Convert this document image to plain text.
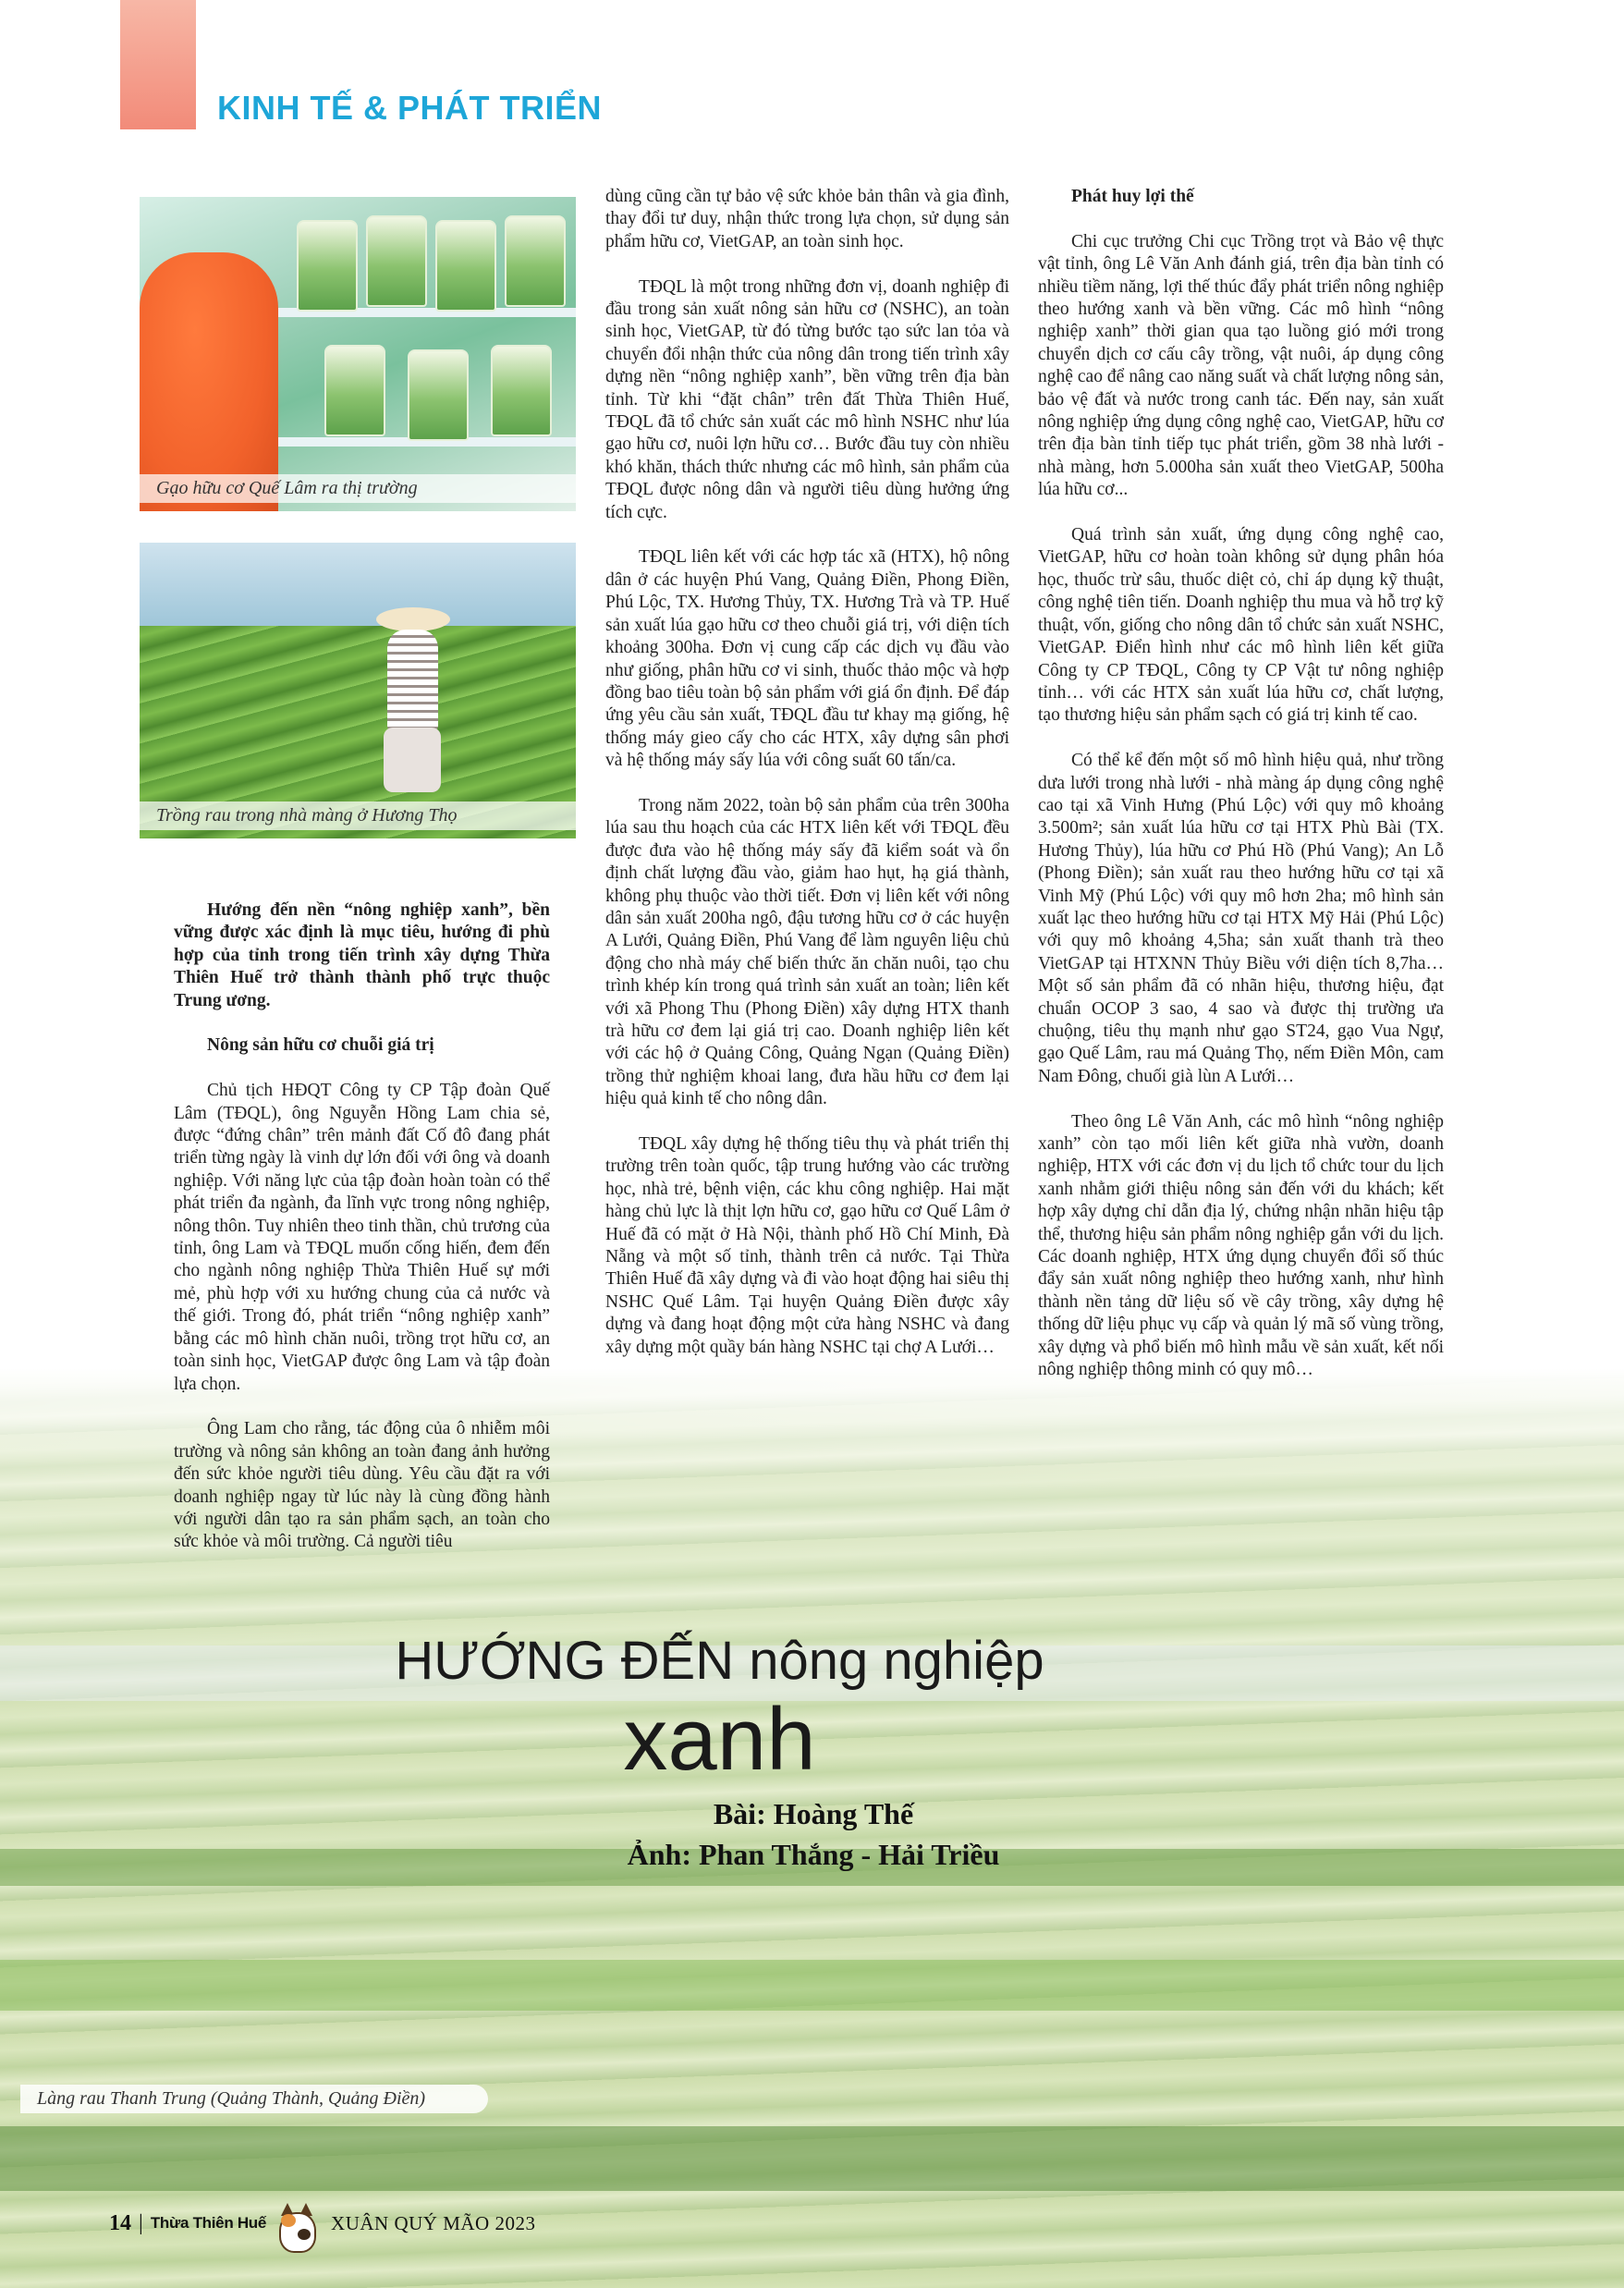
KINH TẾ & PHÁT TRIỂN
Gạo hữu cơ Quế Lâm ra thị trường
Trồng rau trong nhà màng ở Hương Thọ

Hướng đến nền “nông nghiệp xanh”, bền vững được xác định là mục tiêu, hướng đi phù hợp của tỉnh trong tiến trình xây dựng Thừa Thiên Huế trở thành thành phố trực thuộc Trung ương.

Nông sản hữu cơ chuỗi giá trị

Chủ tịch HĐQT Công ty CP Tập đoàn Quế Lâm (TĐQL), ông Nguyễn Hồng Lam chia sẻ, được “đứng chân” trên mảnh đất Cố đô đang phát triển từng ngày là vinh dự lớn đối với ông và doanh nghiệp. Với năng lực của tập đoàn hoàn toàn có thể phát triển đa ngành, đa lĩnh vực trong nông nghiệp, nông thôn. Tuy nhiên theo tinh thần, chủ trương của tỉnh, ông Lam và TĐQL muốn cống hiến, đem đến cho ngành nông nghiệp Thừa Thiên Huế sự mới mẻ, phù hợp với xu hướng chung của cả nước và thế giới. Trong đó, phát triển “nông nghiệp xanh” bằng các mô hình chăn nuôi, trồng trọt hữu cơ, an toàn sinh học, VietGAP được ông Lam và tập đoàn lựa chọn.

Ông Lam cho rằng, tác động của ô nhiễm môi trường và nông sản không an toàn đang ảnh hưởng đến sức khỏe người tiêu dùng. Yêu cầu đặt ra với doanh nghiệp ngay từ lúc này là cùng đồng hành với người dân tạo ra sản phẩm sạch, an toàn cho sức khỏe và môi trường. Cả người tiêu

dùng cũng cần tự bảo vệ sức khỏe bản thân và gia đình, thay đổi tư duy, nhận thức trong lựa chọn, sử dụng sản phẩm hữu cơ, VietGAP, an toàn sinh học.

TĐQL là một trong những đơn vị, doanh nghiệp đi đầu trong sản xuất nông sản hữu cơ (NSHC), an toàn sinh học, VietGAP, từ đó từng bước tạo sức lan tỏa và chuyển đổi nhận thức của nông dân trong tiến trình xây dựng nền “nông nghiệp xanh”, bền vững trên địa bàn tỉnh. Từ khi “đặt chân” trên đất Thừa Thiên Huế, TĐQL đã tổ chức sản xuất các mô hình NSHC như lúa gạo hữu cơ, nuôi lợn hữu cơ… Bước đầu tuy còn nhiều khó khăn, thách thức nhưng các mô hình, sản phẩm của TĐQL được nông dân và người tiêu dùng hưởng ứng tích cực.

TĐQL liên kết với các hợp tác xã (HTX), hộ nông dân ở các huyện Phú Vang, Quảng Điền, Phong Điền, Phú Lộc, TX. Hương Thủy, TX. Hương Trà và TP. Huế sản xuất lúa gạo hữu cơ theo chuỗi giá trị, với diện tích khoảng 300ha. Đơn vị cung cấp các dịch vụ đầu vào như giống, phân hữu cơ vi sinh, thuốc thảo mộc và hợp đồng bao tiêu toàn bộ sản phẩm với giá ổn định. Để đáp ứng yêu cầu sản xuất, TĐQL đầu tư khay mạ giống, hệ thống máy gieo cấy cho các HTX, xây dựng sân phơi và hệ thống máy sấy lúa với công suất 60 tấn/ca.

Trong năm 2022, toàn bộ sản phẩm của trên 300ha lúa sau thu hoạch của các HTX liên kết với TĐQL đều được đưa vào hệ thống máy sấy đã kiểm soát và ổn định chất lượng đầu vào, giảm hao hụt, hạ giá thành, không phụ thuộc vào thời tiết. Đơn vị liên kết với nông dân sản xuất 200ha ngô, đậu tương hữu cơ ở các huyện A Lưới, Quảng Điền, Phú Vang để làm nguyên liệu chủ động cho nhà máy chế biến thức ăn chăn nuôi, tạo chu trình khép kín trong quá trình sản xuất an toàn; liên kết với xã Phong Thu (Phong Điền) xây dựng HTX thanh trà hữu cơ đem lại giá trị cao. Doanh nghiệp liên kết với các hộ ở Quảng Công, Quảng Ngạn (Quảng Điền) trồng thử nghiệm khoai lang, đưa hầu hữu cơ đem lại hiệu quả kinh tế cho nông dân.

TĐQL xây dựng hệ thống tiêu thụ và phát triển thị trường trên toàn quốc, tập trung hướng vào các trường học, nhà trẻ, bệnh viện, các khu công nghiệp. Hai mặt hàng chủ lực là thịt lợn hữu cơ, gạo hữu cơ Quế Lâm ở Huế đã có mặt ở Hà Nội, thành phố Hồ Chí Minh, Đà Nẵng và một số tỉnh, thành trên cả nước. Tại Thừa Thiên Huế đã xây dựng và đi vào hoạt động hai siêu thị NSHC Quế Lâm. Tại huyện Quảng Điền được xây dựng và đang hoạt động một cửa hàng NSHC và đang xây dựng một quầy bán hàng NSHC tại chợ A Lưới…

Phát huy lợi thế

Chi cục trưởng Chi cục Trồng trọt và Bảo vệ thực vật tỉnh, ông Lê Văn Anh đánh giá, trên địa bàn tỉnh có nhiều tiềm năng, lợi thế thúc đẩy phát triển nông nghiệp theo hướng xanh và bền vững. Các mô hình “nông nghiệp xanh” thời gian qua tạo luồng gió mới trong chuyển dịch cơ cấu cây trồng, vật nuôi, áp dụng công nghệ cao để nâng cao năng suất và chất lượng nông sản, bảo vệ đất và nước trong canh tác. Đến nay, sản xuất nông nghiệp ứng dụng công nghệ cao, VietGAP, hữu cơ trên địa bàn tỉnh tiếp tục phát triển, gồm 38 nhà lưới - nhà màng, hơn 5.000ha sản xuất theo VietGAP, 500ha lúa hữu cơ...

Quá trình sản xuất, ứng dụng công nghệ cao, VietGAP, hữu cơ hoàn toàn không sử dụng phân hóa học, thuốc trừ sâu, thuốc diệt cỏ, chỉ áp dụng kỹ thuật, công nghệ tiên tiến. Doanh nghiệp thu mua và hỗ trợ kỹ thuật, vốn, giống cho nông dân tổ chức sản xuất NSHC, VietGAP. Điển hình như các mô hình liên kết giữa Công ty CP TĐQL, Công ty CP Vật tư nông nghiệp tỉnh… với các HTX sản xuất lúa hữu cơ, chất lượng, tạo thương hiệu sản phẩm sạch có giá trị kinh tế cao.

Có thể kể đến một số mô hình hiệu quả, như trồng dưa lưới trong nhà lưới - nhà màng áp dụng công nghệ cao tại xã Vinh Hưng (Phú Lộc) với quy mô khoảng 3.500m²; sản xuất lúa hữu cơ tại HTX Phù Bài (TX. Hương Thủy), lúa hữu cơ Phú Hồ (Phú Vang); An Lỗ (Phong Điền); sản xuất rau theo hướng hữu cơ tại xã Vinh Mỹ (Phú Lộc) với quy mô hơn 2ha; mô hình sản xuất lạc theo hướng hữu cơ tại HTX Mỹ Hải (Phú Lộc) với quy mô khoảng 4,5ha; sản xuất thanh trà theo VietGAP tại HTXNN Thủy Biều với diện tích 8,7ha… Một số sản phẩm đã có nhãn hiệu, thương hiệu, đạt chuẩn OCOP 3 sao, 4 sao và được thị trường ưa chuộng, tiêu thụ mạnh như gạo ST24, gạo Vua Ngự, gạo Quế Lâm, rau má Quảng Thọ, nếm Điền Môn, cam Nam Đông, chuối già lùn A Lưới…

Theo ông Lê Văn Anh, các mô hình “nông nghiệp xanh” còn tạo mối liên kết giữa nhà vườn, doanh nghiệp, HTX với các đơn vị du lịch tổ chức tour du lịch xanh nhằm giới thiệu nông sản đến với du khách; kết hợp xây dựng chỉ dẫn địa lý, chứng nhận nhãn hiệu tập thể, thương hiệu sản phẩm nông nghiệp gắn với du lịch. Các doanh nghiệp, HTX ứng dụng chuyển đổi số thúc đẩy sản xuất nông nghiệp theo hướng xanh, như hình thành nền tảng dữ liệu số về cây trồng, xây dựng hệ thống dữ liệu phục vụ cấp và quản lý mã số vùng trồng, xây dựng và phổ biến mô hình mẫu về sản xuất, kết nối nông nghiệp thông minh có quy mô…

HƯỚNG ĐẾN nông nghiệp
xanh
Bài: Hoàng Thế
Ảnh: Phan Thắng - Hải Triều
Làng rau Thanh Trung (Quảng Thành, Quảng Điền)
14 | Thừa Thiên Huế	XUÂN QUÝ MÃO 2023
